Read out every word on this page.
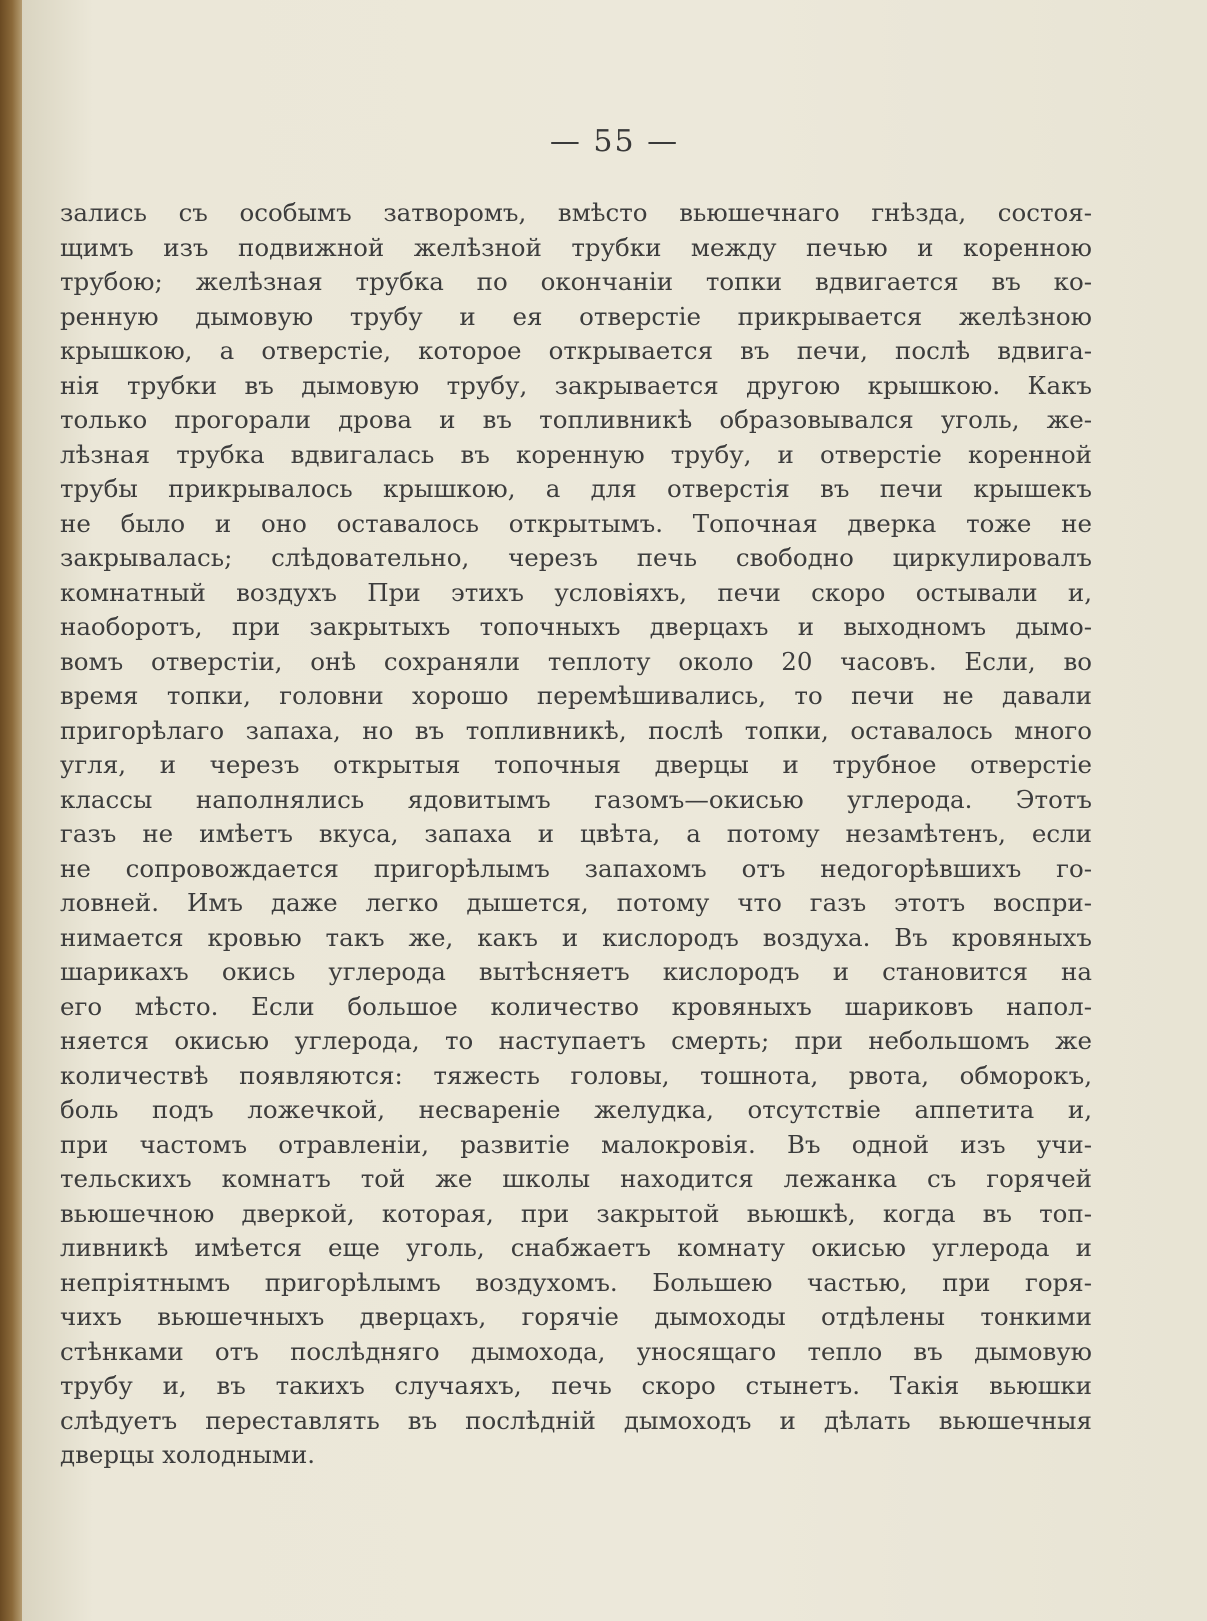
— 55 —
зались съ особымъ затворомъ, вмѣсто вьюшечнаго гнѣзда, состоя-
щимъ изъ подвижной желѣзной трубки между печью и коренною
трубою; желѣзная трубка по окончаніи топки вдвигается въ ко-
ренную дымовую трубу и ея отверстіе прикрывается желѣзною
крышкою, а отверстіе, которое открывается въ печи, послѣ вдвига-
нія трубки въ дымовую трубу, закрывается другою крышкою. Какъ
только прогорали дрова и въ топливникѣ образовывался уголь, же-
лѣзная трубка вдвигалась въ коренную трубу, и отверстіе коренной
трубы прикрывалось крышкою, а для отверстія въ печи крышекъ
не было и оно оставалось открытымъ. Топочная дверка тоже не
закрывалась; слѣдовательно, черезъ печь свободно циркулировалъ
комнатный воздухъ При этихъ условіяхъ, печи скоро остывали и,
наоборотъ, при закрытыхъ топочныхъ дверцахъ и выходномъ дымо-
вомъ отверстіи, онѣ сохраняли теплоту около 20 часовъ. Если, во
время топки, головни хорошо перемѣшивались, то печи не давали
пригорѣлаго запаха, но въ топливникѣ, послѣ топки, оставалось много
угля, и черезъ открытыя топочныя дверцы и трубное отверстіе
классы наполнялись ядовитымъ газомъ—окисью углерода. Этотъ
газъ не имѣетъ вкуса, запаха и цвѣта, а потому незамѣтенъ, если
не сопровождается пригорѣлымъ запахомъ отъ недогорѣвшихъ го-
ловней. Имъ даже легко дышется, потому что газъ этотъ воспри-
нимается кровью такъ же, какъ и кислородъ воздуха. Въ кровяныхъ
шарикахъ окись углерода вытѣсняетъ кислородъ и становится на
его мѣсто. Если большое количество кровяныхъ шариковъ напол-
няется окисью углерода, то наступаетъ смерть; при небольшомъ же
количествѣ появляются: тяжесть головы, тошнота, рвота, обморокъ,
боль подъ ложечкой, несвареніе желудка, отсутствіе аппетита и,
при частомъ отравленіи, развитіе малокровія. Въ одной изъ учи-
тельскихъ комнатъ той же школы находится лежанка съ горячей
вьюшечною дверкой, которая, при закрытой вьюшкѣ, когда въ топ-
ливникѣ имѣется еще уголь, снабжаетъ комнату окисью углерода и
непріятнымъ пригорѣлымъ воздухомъ. Большею частью, при горя-
чихъ вьюшечныхъ дверцахъ, горячіе дымоходы отдѣлены тонкими
стѣнками отъ послѣдняго дымохода, уносящаго тепло въ дымовую
трубу и, въ такихъ случаяхъ, печь скоро стынетъ. Такія вьюшки
слѣдуетъ переставлять въ послѣдній дымоходъ и дѣлать вьюшечныя
дверцы холодными.
